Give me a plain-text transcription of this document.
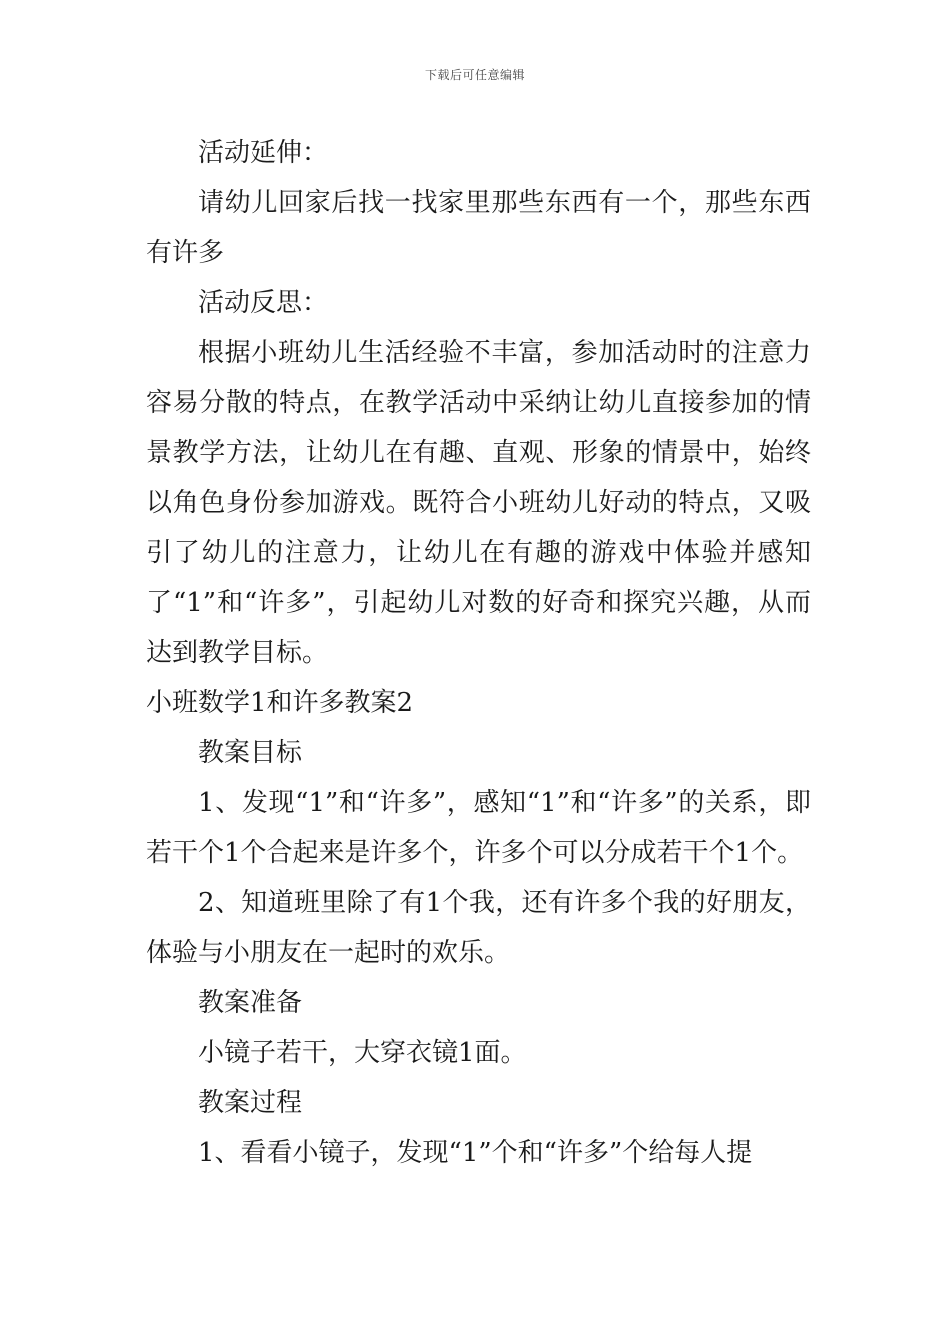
下载后可任意编辑

活动延伸：

请幼儿回家后找一找家里那些东西有一个，那些东西有许多

活动反思：

根据小班幼儿生活经验不丰富，参加活动时的注意力容易分散的特点，在教学活动中采纳让幼儿直接参加的情景教学方法，让幼儿在有趣、直观、形象的情景中，始终以角色身份参加游戏。既符合小班幼儿好动的特点，又吸引了幼儿的注意力，让幼儿在有趣的游戏中体验并感知了“1”和“许多”，引起幼儿对数的好奇和探究兴趣，从而达到教学目标。

小班数学1和许多教案2

教案目标

1、发现“1”和“许多”，感知“1”和“许多”的关系，即若干个1个合起来是许多个，许多个可以分成若干个1个。

2、知道班里除了有1个我，还有许多个我的好朋友，体验与小朋友在一起时的欢乐。

教案准备

小镜子若干，大穿衣镜1面。

教案过程

1、看看小镜子，发现“1”个和“许多”个给每人提
